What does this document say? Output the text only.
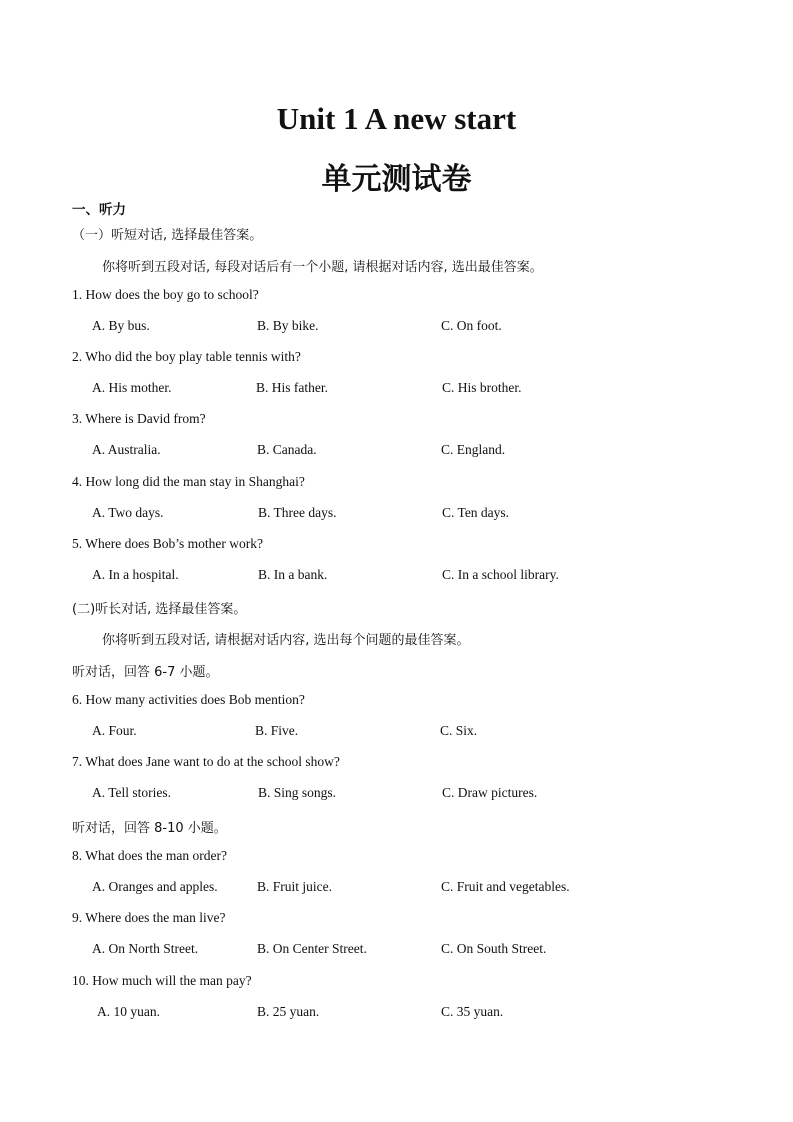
Unit 1 A new start
单元测试卷
一、听力
（一）听短对话, 选择最佳答案。
你将听到五段对话, 每段对话后有一个小题, 请根据对话内容, 选出最佳答案。
1. How does the boy go to school?
A. By bus.	B. By bike.	C. On foot.
2. Who did the boy play table tennis with?
A. His mother.	B. His father.	C. His brother.
3. Where is David from?
A. Australia.	B. Canada.	C. England.
4. How long did the man stay in Shanghai?
A. Two days.	B. Three days.	C. Ten days.
5. Where does Bob’s mother work?
A. In a hospital.	B. In a bank.	C. In a school library.
(二)听长对话, 选择最佳答案。
你将听到五段对话, 请根据对话内容, 选出每个问题的最佳答案。
听对话，回答 6-7 小题。
6. How many activities does Bob mention?
A. Four.	B. Five.	C. Six.
7. What does Jane want to do at the school show?
A. Tell stories.	B. Sing songs.	C. Draw pictures.
听对话，回答 8-10 小题。
8. What does the man order?
A. Oranges and apples.	B. Fruit juice.	C. Fruit and vegetables.
9. Where does the man live?
A. On North Street.	B. On Center Street.	C. On South Street.
10. How much will the man pay?
A. 10 yuan.	B. 25 yuan.	C. 35 yuan.
